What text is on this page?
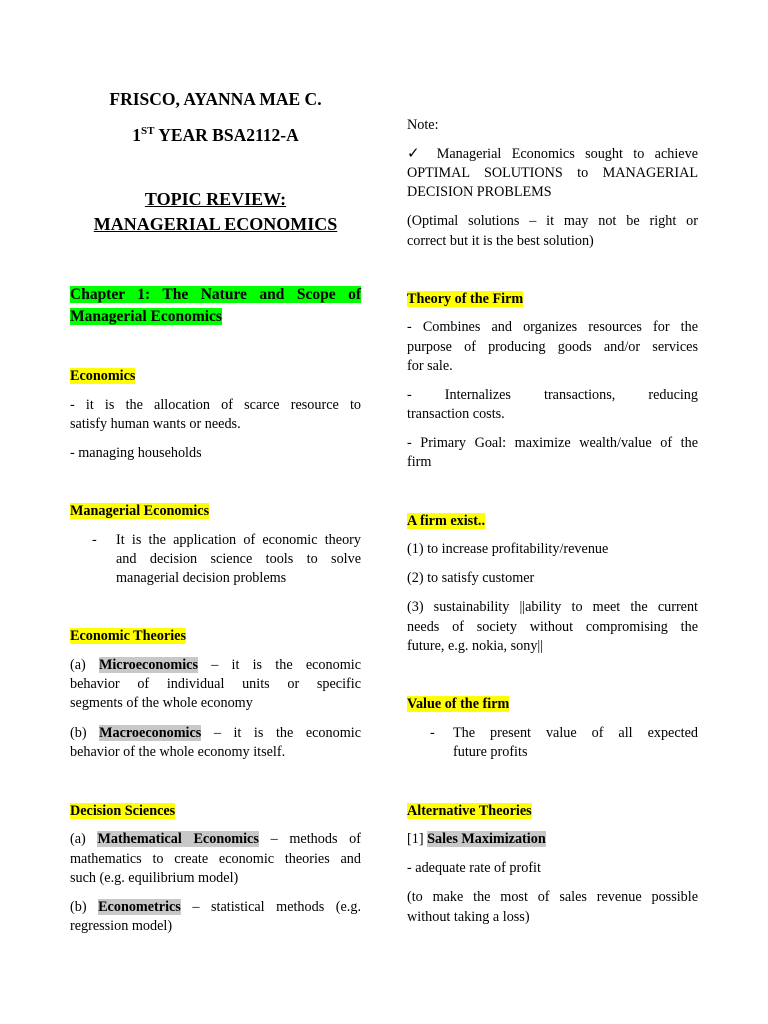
FRISCO, AYANNA MAE C.
1ST YEAR BSA2112-A
TOPIC REVIEW:
MANAGERIAL ECONOMICS
Chapter 1: The Nature and Scope of
Managerial Economics
Economics
- it is the allocation of scarce resource to
satisfy human wants or needs.
- managing households
Managerial Economics
- It is the application of economic theory
and decision science tools to solve
managerial decision problems
Economic Theories
(a) Microeconomics – it is the economic
behavior of individual units or specific
segments of the whole economy
(b) Macroeconomics – it is the economic
behavior of the whole economy itself.
Decision Sciences
(a) Mathematical Economics – methods of
mathematics to create economic theories and
such (e.g. equilibrium model)
(b) Econometrics – statistical methods (e.g.
regression model)
Note:
✓ Managerial Economics sought to achieve
OPTIMAL SOLUTIONS to MANAGERIAL
DECISION PROBLEMS
(Optimal solutions – it may not be right or
correct but it is the best solution)
Theory of the Firm
- Combines and organizes resources for the
purpose of producing goods and/or services
for sale.
- Internalizes transactions, reducing
transaction costs.
- Primary Goal: maximize wealth/value of the
firm
A firm exist..
(1) to increase profitability/revenue
(2) to satisfy customer
(3) sustainability ||ability to meet the current
needs of society without compromising the
future, e.g. nokia, sony||
Value of the firm
- The present value of all expected
future profits
Alternative Theories
[1] Sales Maximization
- adequate rate of profit
(to make the most of sales revenue possible
without taking a loss)
